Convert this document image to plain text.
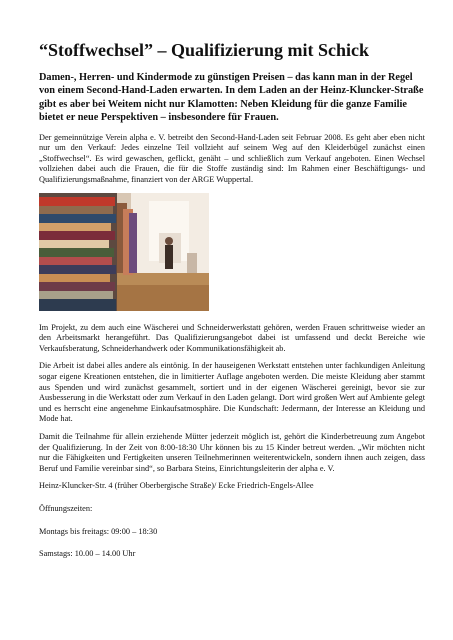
“Stoffwechsel” – Qualifizierung mit Schick

Damen-, Herren- und Kindermode zu günstigen Preisen – das kann man in der Regel von einem Second-Hand-Laden erwarten. In dem Laden an der Heinz-Kluncker-Straße gibt es aber bei Weitem nicht nur Klamotten: Neben Kleidung für die ganze Familie bietet er neue Perspektiven – insbesondere für Frauen.

Der gemeinnützige Verein alpha e. V. betreibt den Second-Hand-Laden seit Februar 2008. Es geht aber eben nicht nur um den Verkauf: Jedes einzelne Teil vollzieht auf seinem Weg auf den Kleiderbügel zunächst einen „Stoffwechsel“. Es wird gewaschen, geflickt, genäht – und schließlich zum Verkauf angeboten. Einen Wechsel vollziehen dabei auch die Frauen, die für die Stoffe zuständig sind: Im Rahmen einer Beschäftigungs- und Qualifizierungsmaßnahme, finanziert von der ARGE Wuppertal.

Im Projekt, zu dem auch eine Wäscherei und Schneiderwerkstatt gehören, werden Frauen schrittweise wieder an den Arbeitsmarkt herangeführt. Das Qualifizierungsangebot dabei ist umfassend und deckt Bereiche wie Verkaufsberatung, Schneiderhandwerk oder Kommunikationsfähigkeit ab.

Die Arbeit ist dabei alles andere als eintönig. In der hauseigenen Werkstatt entstehen unter fachkundigen Anleitung sogar eigene Kreationen entstehen, die in limitierter Auflage angeboten werden. Die meiste Kleidung aber stammt aus Spenden und wird zunächst gesammelt, sortiert und in der eigenen Wäscherei gereinigt, bevor sie zur Ausbesserung in die Werkstatt oder zum Verkauf in den Laden gelangt. Dort wird großen Wert auf Ambiente gelegt und es herrscht eine angenehme Einkaufsatmosphäre. Die Kundschaft: Jedermann, der Interesse an Kleidung und Mode hat.

Damit die Teilnahme für allein erziehende Mütter jederzeit möglich ist, gehört die Kinderbetreuung zum Angebot der Qualifizierung. In der Zeit von 8:00-18:30 Uhr können bis zu 15 Kinder betreut werden. „Wir möchten nicht nur die Fähigkeiten und Fertigkeiten unseren Teilnehmerinnen weiterentwickeln, sondern ihnen auch zeigen, dass Beruf und Familie vereinbar sind“, so Barbara Steins, Einrichtungsleiterin der alpha e. V.

Heinz-Kluncker-Str. 4 (früher Oberbergische Straße)/ Ecke Friedrich-Engels-Allee

Öffnungszeiten:

Montags bis freitags: 09:00 – 18:30

Samstags: 10.00 – 14.00 Uhr
